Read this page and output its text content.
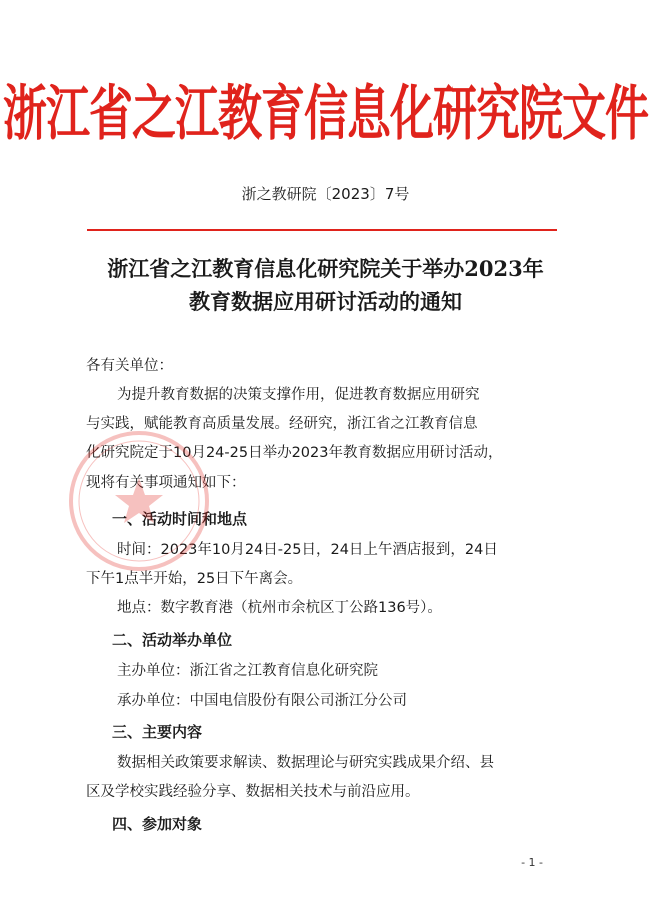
浙江省之江教育信息化研究院文件
浙之教研院〔2023〕7号
浙江省之江教育信息化研究院关于举办2023年
教育数据应用研讨活动的通知
各有关单位：
为提升教育数据的决策支撑作用，促进教育数据应用研究
与实践，赋能教育高质量发展。经研究，浙江省之江教育信息
化研究院定于10月24-25日举办2023年教育数据应用研讨活动，
现将有关事项通知如下：
一、活动时间和地点
时间：2023年10月24日-25日，24日上午酒店报到，24日
下午1点半开始，25日下午离会。
地点：数字教育港（杭州市余杭区丁公路136号）。
二、活动举办单位
主办单位：浙江省之江教育信息化研究院
承办单位：中国电信股份有限公司浙江分公司
三、主要内容
数据相关政策要求解读、数据理论与研究实践成果介绍、县
区及学校实践经验分享、数据相关技术与前沿应用。
四、参加对象
- 1 -
